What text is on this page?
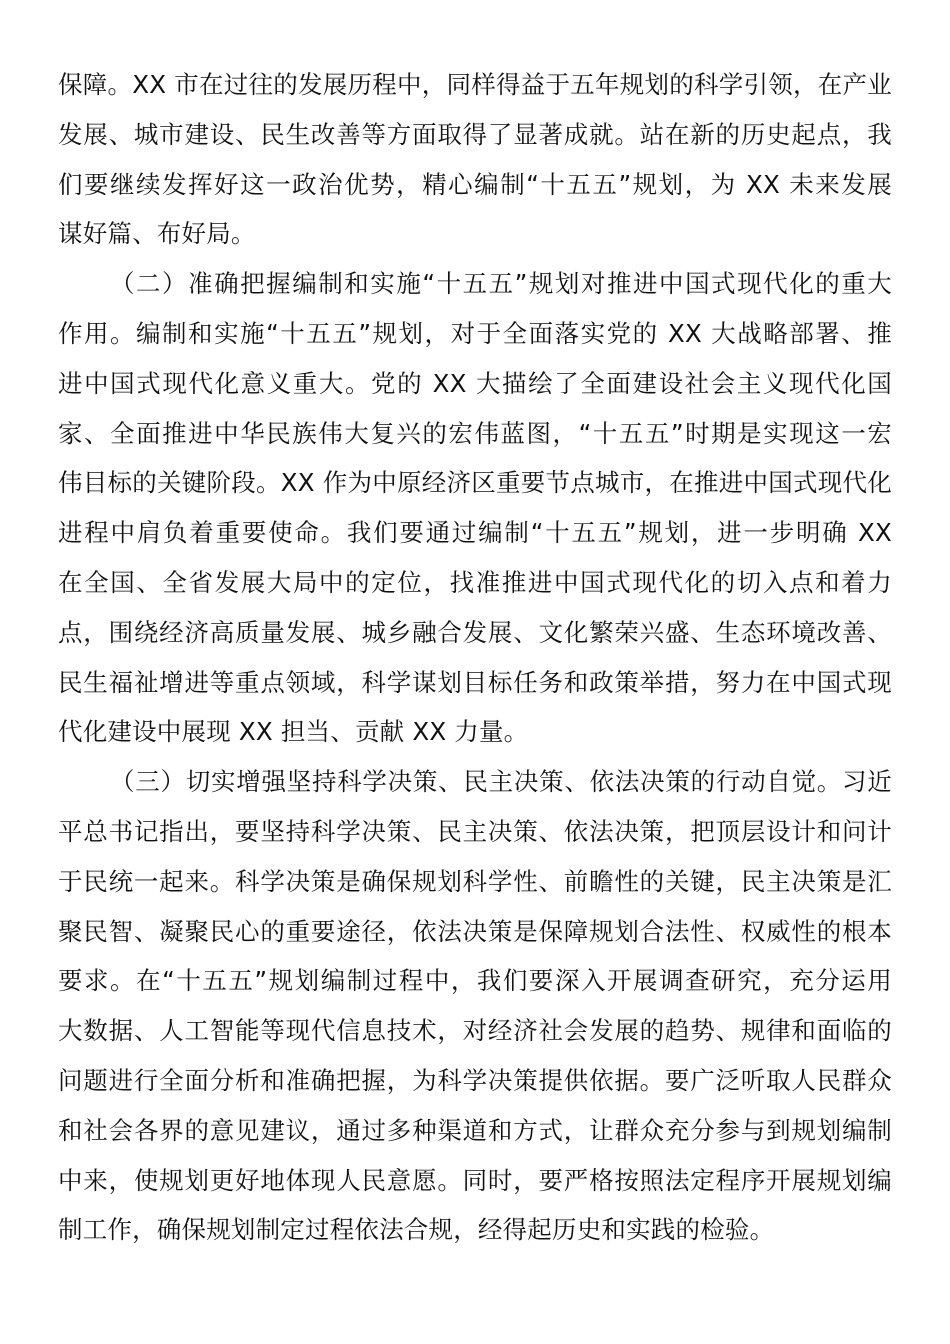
保障。XX 市在过往的发展历程中，同样得益于五年规划的科学引领，在产业
发展、城市建设、民生改善等方面取得了显著成就。站在新的历史起点，我
们要继续发挥好这一政治优势，精心编制“十五五”规划，为 XX 未来发展
谋好篇、布好局。
（二）准确把握编制和实施“十五五”规划对推进中国式现代化的重大
作用。编制和实施“十五五”规划，对于全面落实党的 XX 大战略部署、推
进中国式现代化意义重大。党的 XX 大描绘了全面建设社会主义现代化国
家、全面推进中华民族伟大复兴的宏伟蓝图，“十五五”时期是实现这一宏
伟目标的关键阶段。XX 作为中原经济区重要节点城市，在推进中国式现代化
进程中肩负着重要使命。我们要通过编制“十五五”规划，进一步明确 XX
在全国、全省发展大局中的定位，找准推进中国式现代化的切入点和着力
点，围绕经济高质量发展、城乡融合发展、文化繁荣兴盛、生态环境改善、
民生福祉增进等重点领域，科学谋划目标任务和政策举措，努力在中国式现
代化建设中展现 XX 担当、贡献 XX 力量。
（三）切实增强坚持科学决策、民主决策、依法决策的行动自觉。习近
平总书记指出，要坚持科学决策、民主决策、依法决策，把顶层设计和问计
于民统一起来。科学决策是确保规划科学性、前瞻性的关键，民主决策是汇
聚民智、凝聚民心的重要途径，依法决策是保障规划合法性、权威性的根本
要求。在“十五五”规划编制过程中，我们要深入开展调查研究，充分运用
大数据、人工智能等现代信息技术，对经济社会发展的趋势、规律和面临的
问题进行全面分析和准确把握，为科学决策提供依据。要广泛听取人民群众
和社会各界的意见建议，通过多种渠道和方式，让群众充分参与到规划编制
中来，使规划更好地体现人民意愿。同时，要严格按照法定程序开展规划编
制工作，确保规划制定过程依法合规，经得起历史和实践的检验。
